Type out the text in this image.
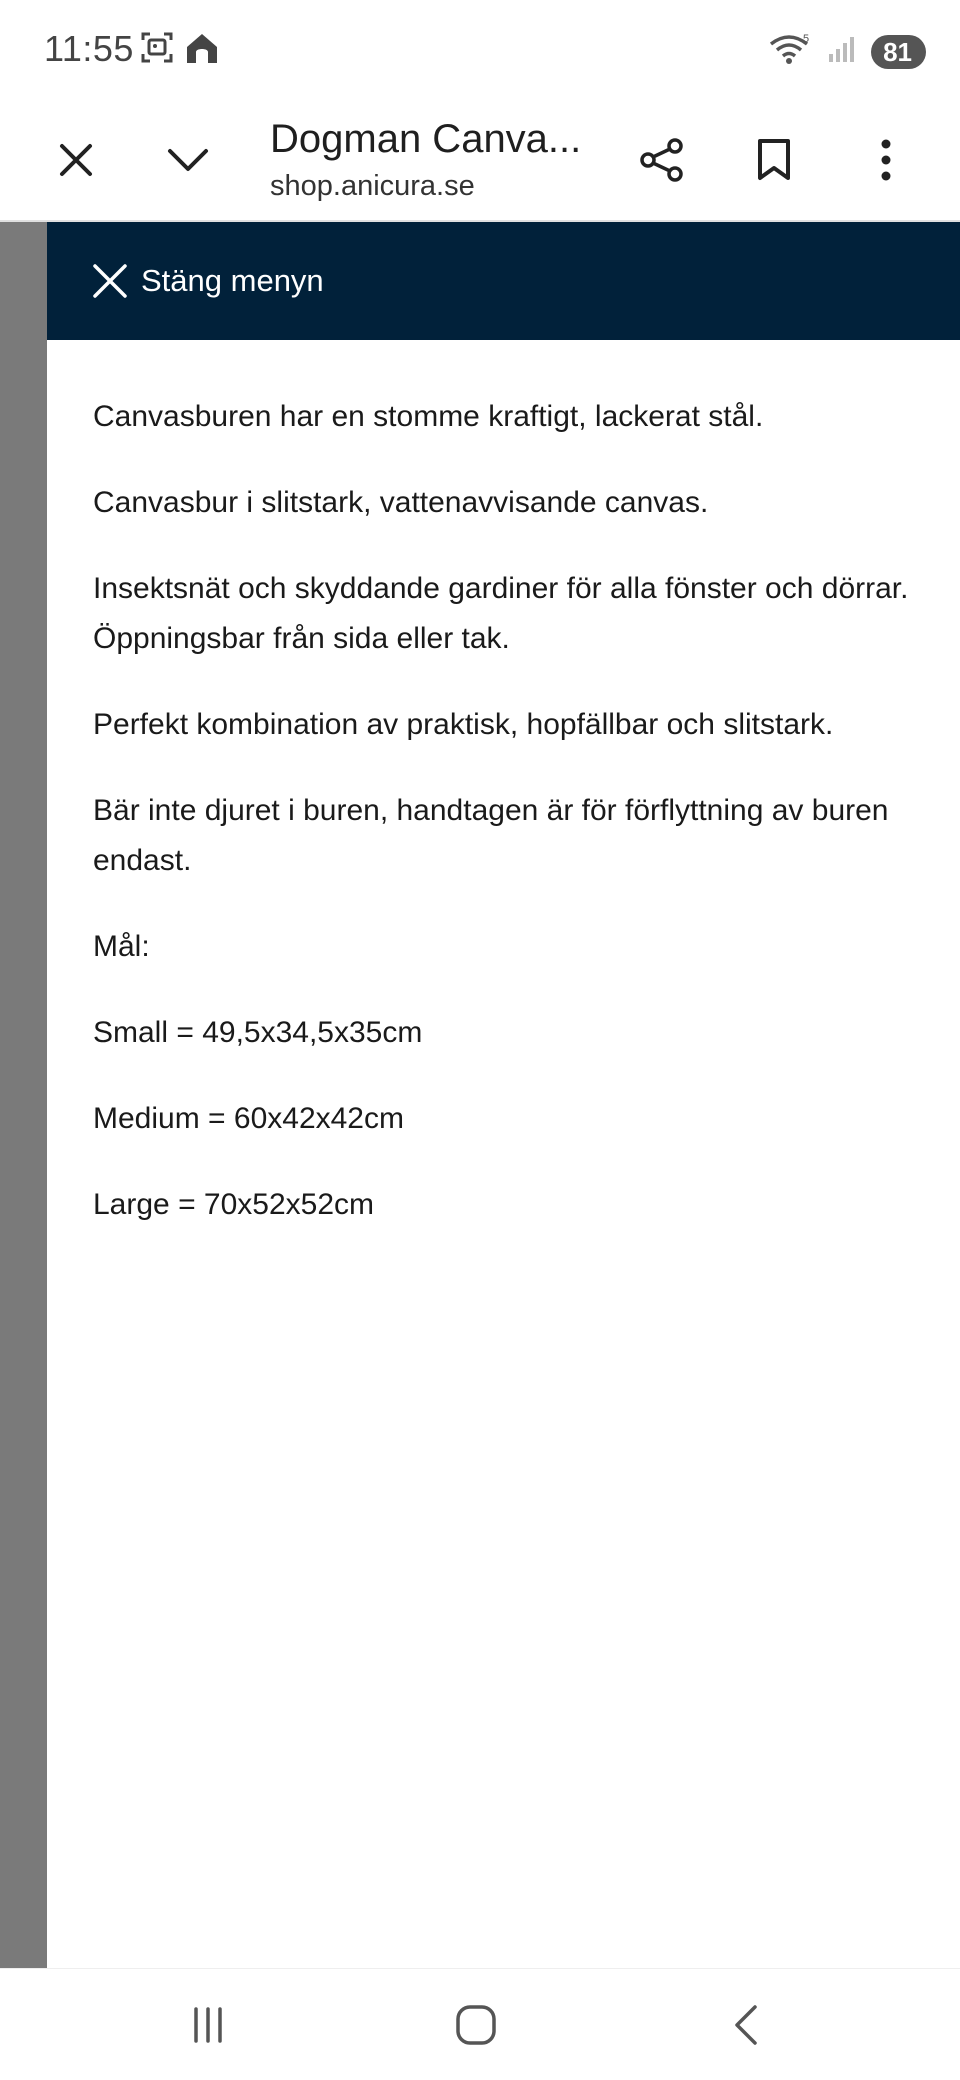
11:55	5	81
Dogman Canva...
shop.anicura.se
Stäng menyn

Canvasburen har en stomme kraftigt, lackerat stål.

Canvasbur i slitstark, vattenavvisande canvas.

Insektsnät och skyddande gardiner för alla fönster och dörrar. Öppningsbar från sida eller tak.

Perfekt kombination av praktisk, hopfällbar och slitstark.

Bär inte djuret i buren, handtagen är för förflyttning av buren endast.

Mål:

Small = 49,5x34,5x35cm

Medium = 60x42x42cm

Large = 70x52x52cm
